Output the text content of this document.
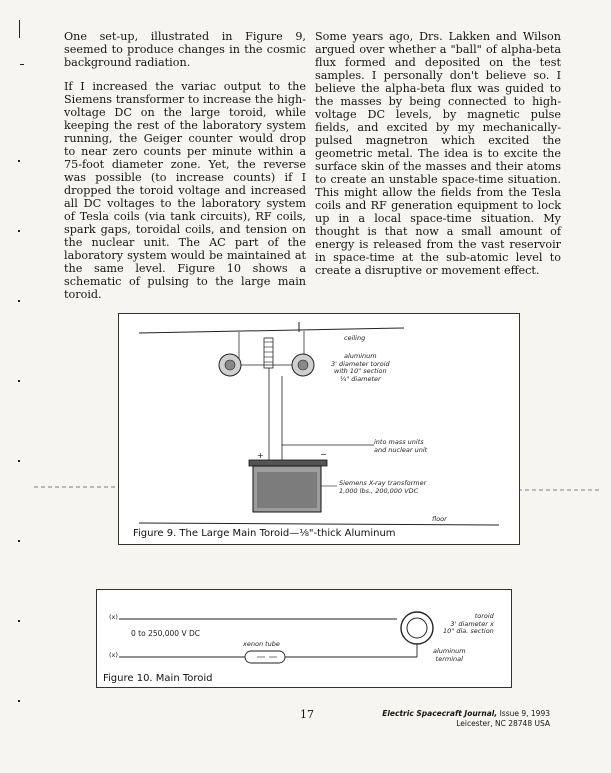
One set-up, illustrated in Figure 9, seemed to produce changes in the cosmic background radiation.

If I increased the variac output to the Siemens transformer to increase the high-voltage DC on the large toroid, while keeping the rest of the laboratory system running, the Geiger counter would drop to near zero counts per minute within a 75-foot diameter zone. Yet, the reverse was possible (to increase counts) if I dropped the toroid voltage and increased all DC voltages to the laboratory system of Tesla coils (via tank circuits), RF coils, spark gaps, toroidal coils, and tension on the nuclear unit. The AC part of the laboratory system would be maintained at the same level. Figure 10 shows a schematic of pulsing to the large main toroid.

Some years ago, Drs. Lakken and Wilson argued over whether a "ball" of alpha-beta flux formed and deposited on the test samples. I personally don't believe so. I believe the alpha-beta flux was guided to the masses by being connected to high-voltage DC levels, by magnetic pulse fields, and excited by my mechanically-pulsed magnetron which excited the geometric metal. The idea is to excite the surface skin of the masses and their atoms to create an unstable space-time situation. This might allow the fields from the Tesla coils and RF generation equipment to lock up in a local space-time situation. My thought is that now a small amount of energy is released from the vast reservoir in space-time at the sub-atomic level to create a disruptive or movement effect.

ceiling
aluminum
3' diameter toroid
with 10" section
¼" diameter
into mass units
and nuclear unit
Siemens X-ray transformer
1,000 lbs., 200,000 VDC
floor
+	−
Figure 9. The Large Main Toroid—⅛"-thick Aluminum
(x)
(x)
0 to 250,000 V DC
xenon tube
toroid
3' diameter x
10" dia. section
aluminum
terminal
Figure 10. Main Toroid
17	Electric Spacecraft Journal, Issue 9, 1993
Leicester, NC 28748 USA
